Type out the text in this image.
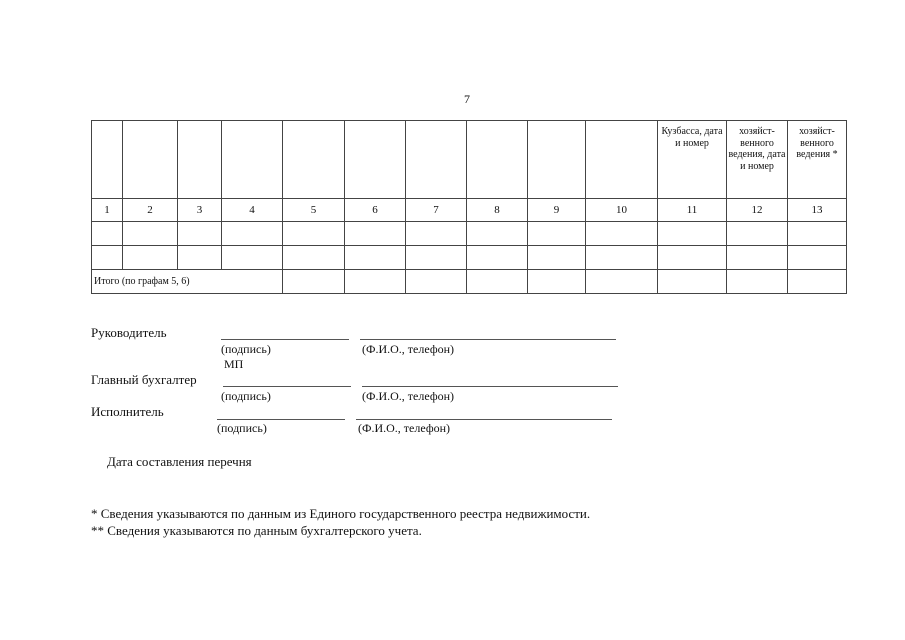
7
										Кузбасса, дата и номер	хозяйст-венного ведения, дата и номер	хозяйст-венного ведения *
1	2	3	4	5	6	7	8	9	10	11	12	13

Итого (по графам 5, 6)												
Руководитель
(подпись)	(Ф.И.О., телефон)
МП
Главный бухгалтер
(подпись)	(Ф.И.О., телефон)
Исполнитель
(подпись)	(Ф.И.О., телефон)
Дата составления перечня
* Сведения указываются по данным из Единого государственного реестра недвижимости.
** Сведения указываются по данным бухгалтерского учета.
